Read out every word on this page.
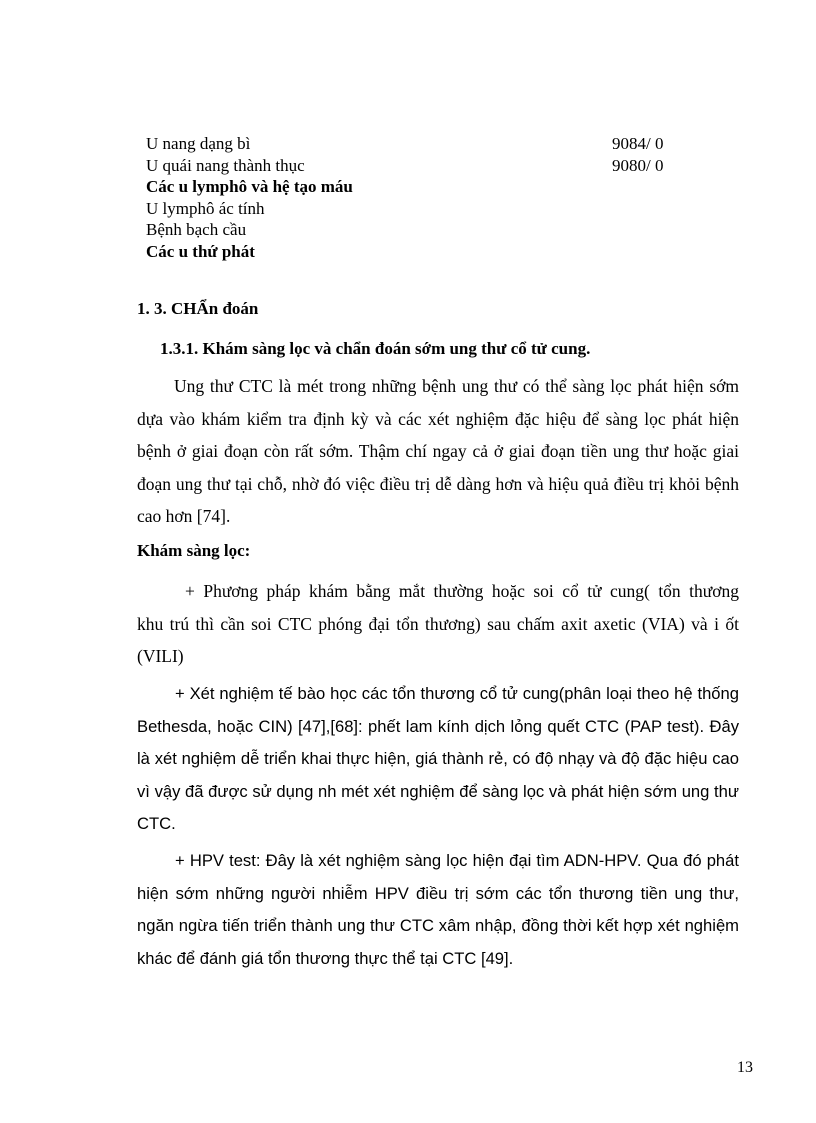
U nang dạng bì	9084/ 0
U quái nang thành thục	9080/ 0
Các u lymphô và hệ tạo máu
U lymphô ác tính
Bệnh bạch cầu
Các u thứ phát
1. 3. CHẨn đoán
1.3.1. Khám sàng lọc và chẩn đoán sớm ung thư cổ tử cung.
Ung thư CTC là mét trong những bệnh ung thư có thể sàng lọc phát hiện sớm dựa vào khám kiểm tra định kỳ và các xét nghiệm đặc hiệu để sàng lọc phát hiện bệnh ở giai đoạn còn rất sớm. Thậm chí ngay cả ở giai đoạn tiền ung thư hoặc giai đoạn ung thư tại chỗ, nhờ đó việc điều trị dễ dàng hơn và hiệu quả điều trị khỏi bệnh cao hơn [74].
Khám sàng lọc:
+ Phương pháp khám bằng mắt thường hoặc soi cổ tử cung( tổn thương khu trú thì cần soi CTC phóng đại tổn thương) sau chấm axit axetic (VIA) và i ốt (VILI)
+ Xét nghiệm tế bào học các tổn thương cổ tử cung(phân loại theo hệ thống Bethesda, hoặc CIN) [47],[68]: phết lam kính dịch lỏng quết CTC (PAP test). Đây là xét nghiệm dễ triển khai thực hiện, giá thành rẻ, có độ nhạy và độ đặc hiệu cao vì vậy đã được sử dụng nh mét xét nghiệm để sàng lọc và phát hiện sớm ung thư CTC.
+ HPV test: Đây là xét nghiệm sàng lọc hiện đại tìm ADN-HPV. Qua đó phát hiện sớm những người nhiễm HPV điều trị sớm các tổn thương tiền ung thư, ngăn ngừa tiến triển thành ung thư CTC xâm nhập, đồng thời kết hợp xét nghiệm khác để đánh giá tổn thương thực thể tại CTC [49].
13
